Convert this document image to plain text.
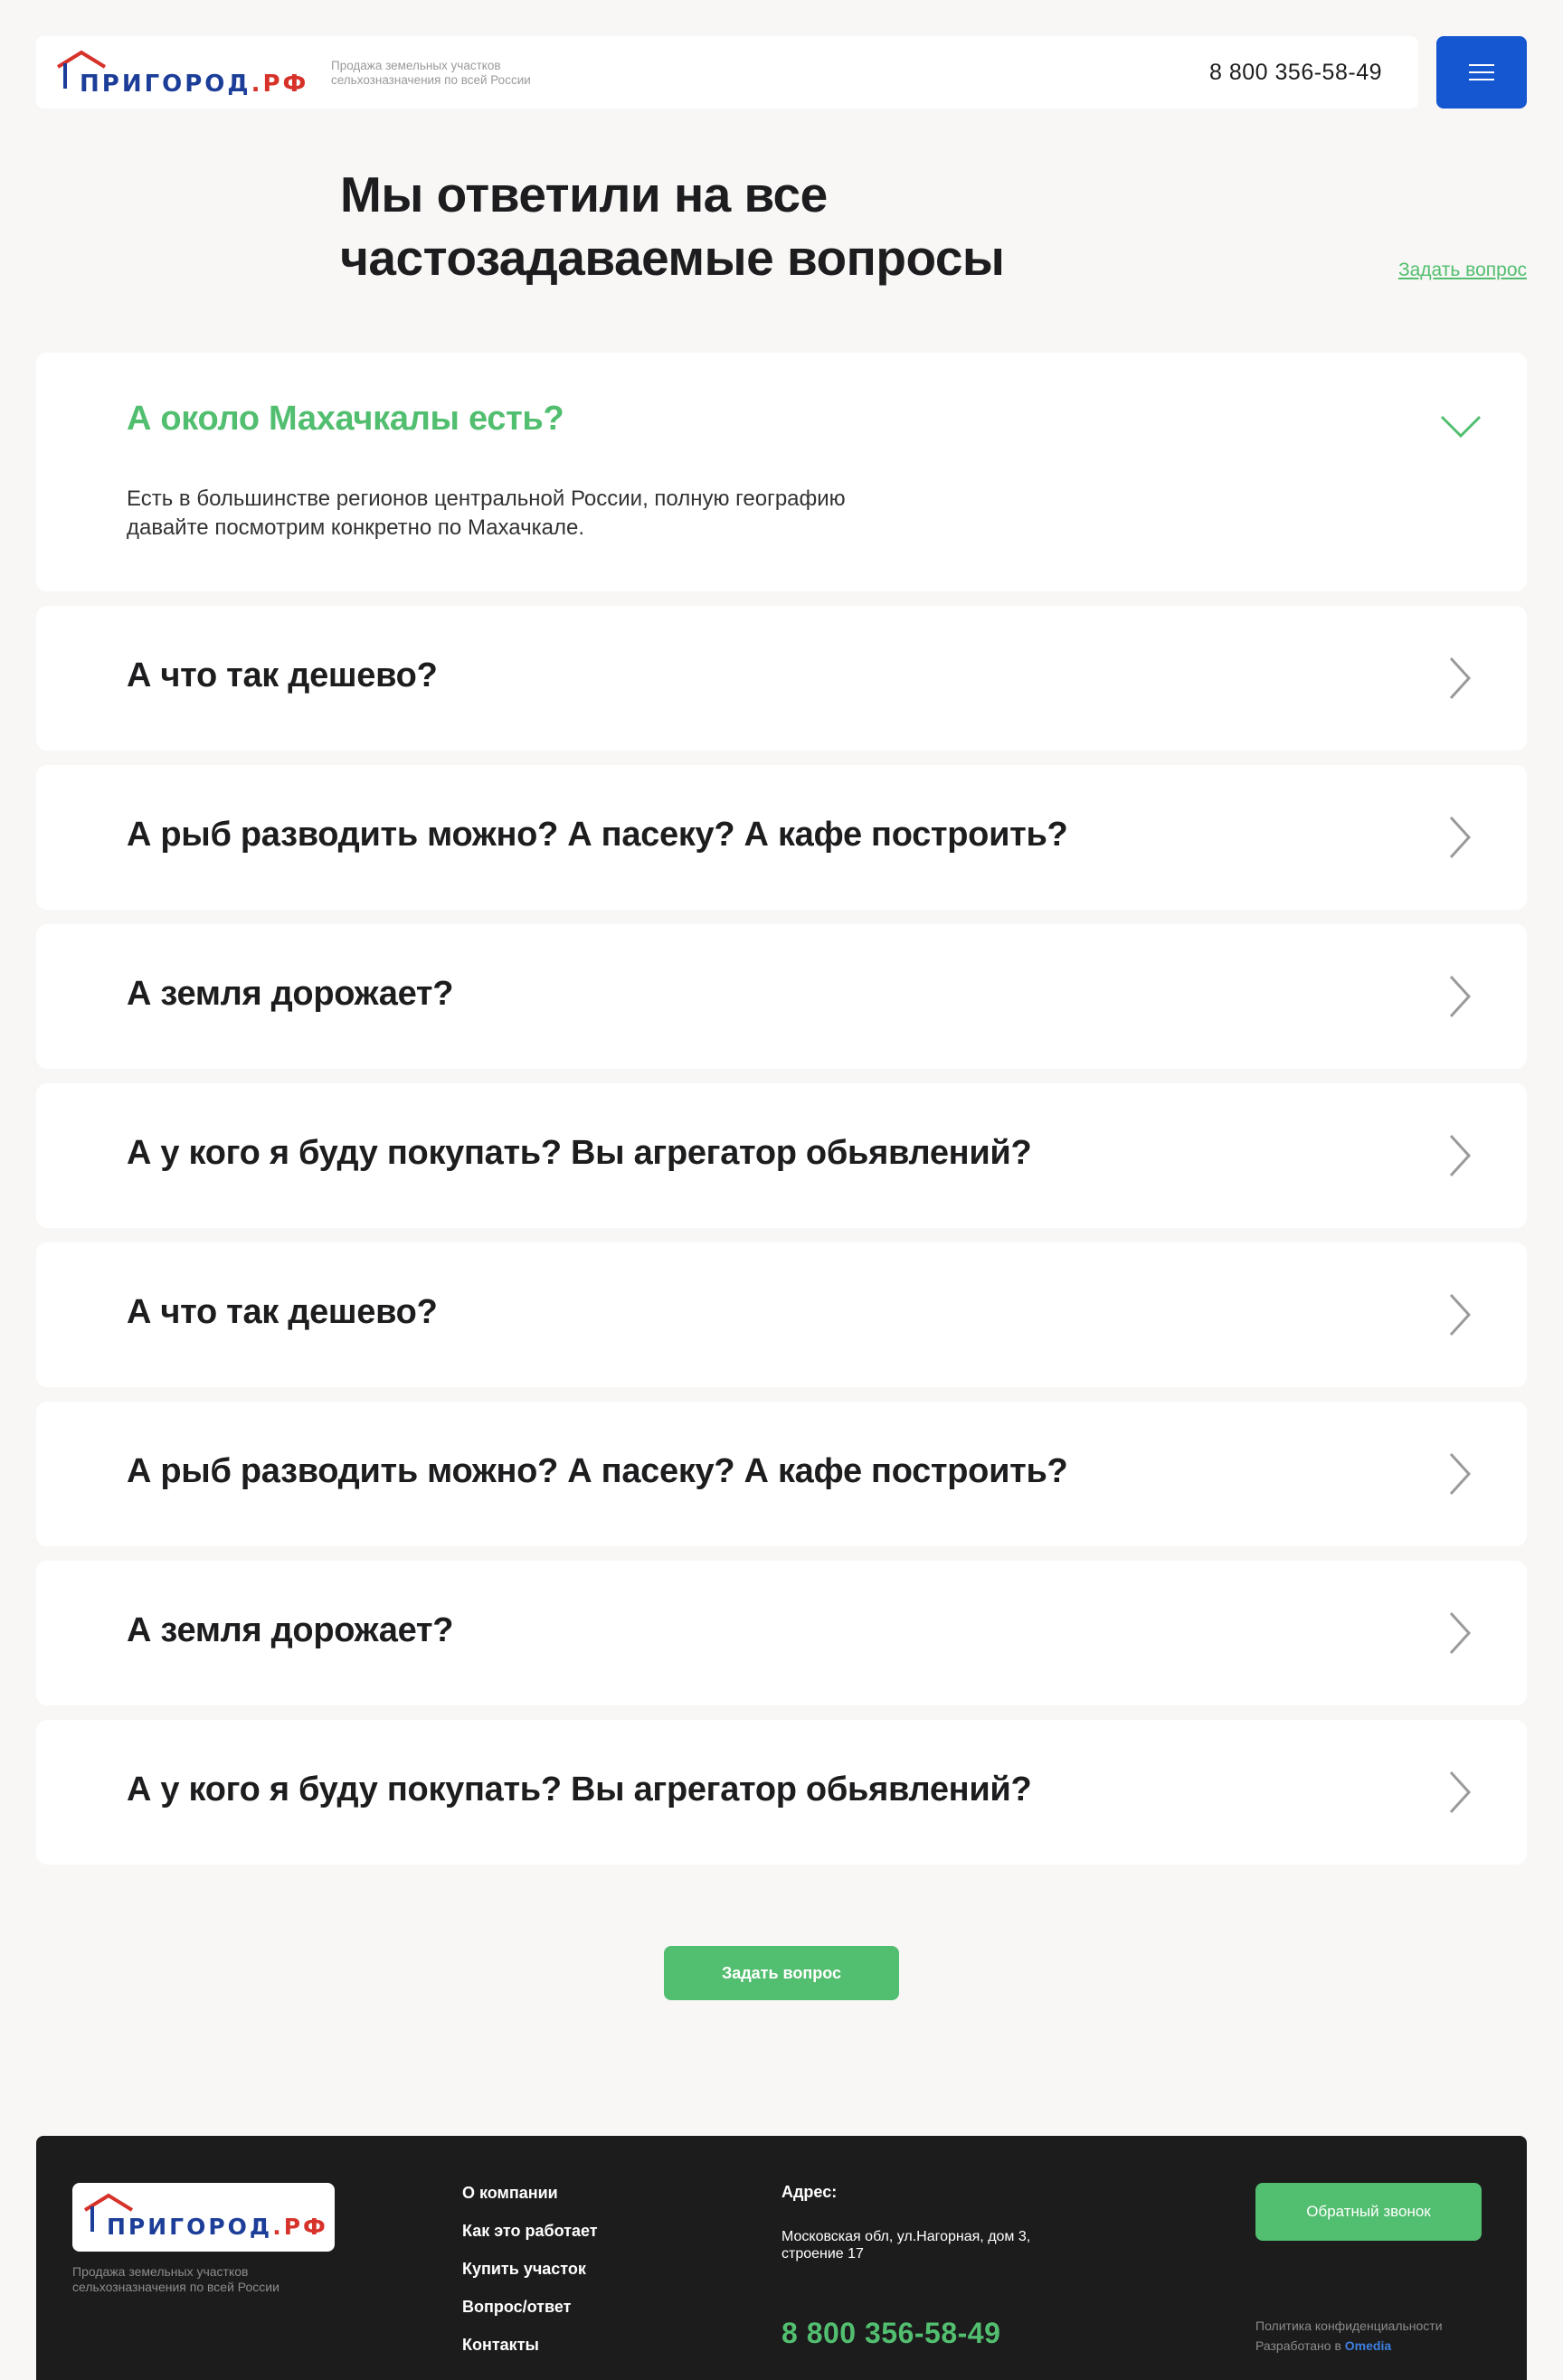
ПРИГОРОД.РФ
Продажа земельных участков сельхозназначения по всей России	8 800 356-58-49
Мы ответили на все частозадаваемые вопросы	Задать вопрос
А около Махачкалы есть?
Есть в большинстве регионов центральной России, полную географию давайте посмотрим конкретно по Махачкале.
А что так дешево?
А рыб разводить можно? А пасеку? А кафе построить?
А земля дорожает?
А у кого я буду покупать? Вы агрегатор обьявлений?
А что так дешево?
А рыб разводить можно? А пасеку? А кафе построить?
А земля дорожает?
А у кого я буду покупать? Вы агрегатор обьявлений?
Задать вопрос
ПРИГОРОД.РФ
Продажа земельных участков сельхозназначения по всей России
О компании
Как это работает
Купить участок
Вопрос/ответ
Контакты
Адрес:
Московская обл, ул.Нагорная, дом 3, строение 17
8 800 356-58-49
Обратный звонок
Политика конфиденциальности
Разработано в Omedia
